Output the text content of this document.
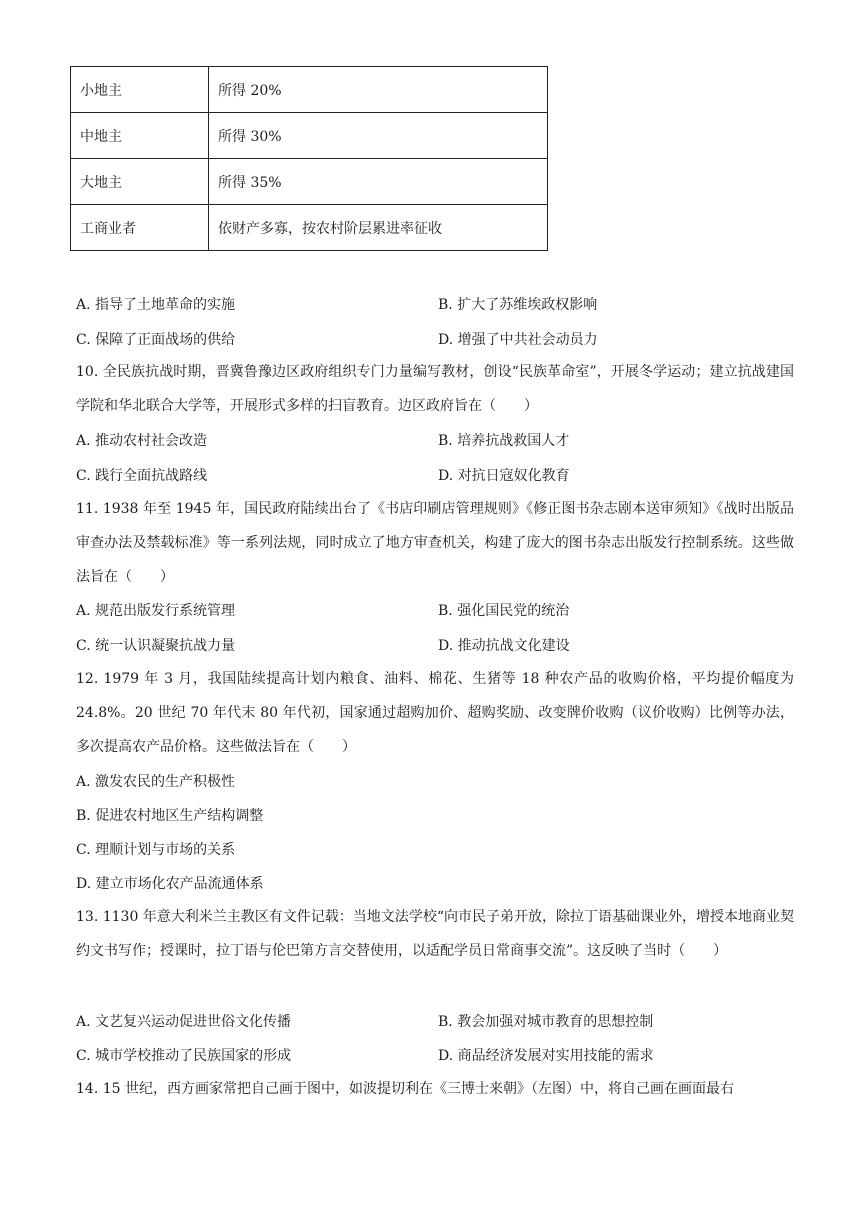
小地主	所得 20%
中地主	所得 30%
大地主	所得 35%
工商业者	依财产多寡，按农村阶层累进率征收
A. 指导了土地革命的实施	B. 扩大了苏维埃政权影响
C. 保障了正面战场的供给	D. 增强了中共社会动员力
10. 全民族抗战时期，晋冀鲁豫边区政府组织专门力量编写教材，创设“民族革命室”，开展冬学运动；建立抗战建国学院和华北联合大学等，开展形式多样的扫盲教育。边区政府旨在（　　）
A. 推动农村社会改造	B. 培养抗战救国人才
C. 践行全面抗战路线	D. 对抗日寇奴化教育
11. 1938 年至 1945 年，国民政府陆续出台了《书店印刷店管理规则》《修正图书杂志剧本送审须知》《战时出版品审查办法及禁载标准》等一系列法规，同时成立了地方审查机关，构建了庞大的图书杂志出版发行控制系统。这些做法旨在（　　）
A. 规范出版发行系统管理	B. 强化国民党的统治
C. 统一认识凝聚抗战力量	D. 推动抗战文化建设
12. 1979 年 3 月，我国陆续提高计划内粮食、油料、棉花、生猪等 18 种农产品的收购价格，平均提价幅度为 24.8%。20 世纪 70 年代末 80 年代初，国家通过超购加价、超购奖励、改变牌价收购（议价收购）比例等办法，多次提高农产品价格。这些做法旨在（　　）
A. 激发农民的生产积极性
B. 促进农村地区生产结构调整
C. 理顺计划与市场的关系
D. 建立市场化农产品流通体系
13. 1130 年意大利米兰主教区有文件记载：当地文法学校“向市民子弟开放，除拉丁语基础课业外，增授本地商业契约文书写作；授课时，拉丁语与伦巴第方言交替使用，以适配学员日常商事交流”。这反映了当时（　　）
A. 文艺复兴运动促进世俗文化传播	B. 教会加强对城市教育的思想控制
C. 城市学校推动了民族国家的形成	D. 商品经济发展对实用技能的需求
14. 15 世纪，西方画家常把自己画于图中，如波提切利在《三博士来朝》（左图）中，将自己画在画面最右
